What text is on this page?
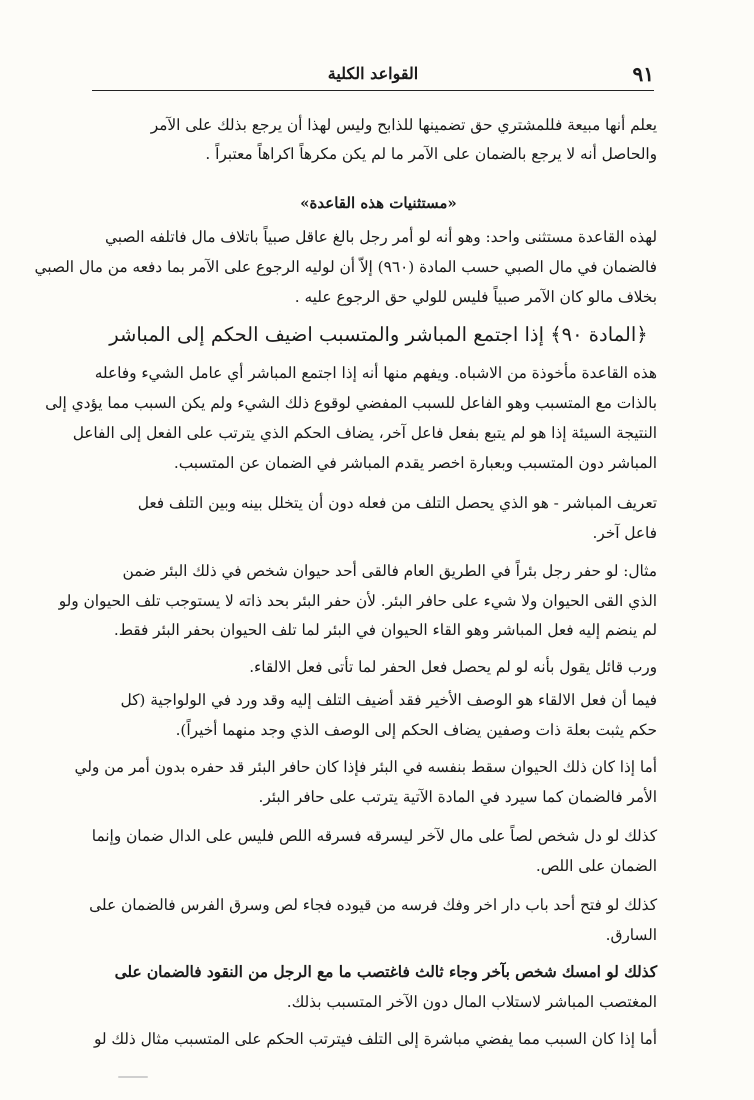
٩١
القواعد الكلية
يعلم أنها مبيعة فللمشتري حق تضمينها للذابح وليس لهذا أن يرجع بذلك على الآمر
والحاصل أنه لا يرجع بالضمان على الآمر ما لم يكن مكرهاً اكراهاً معتبراً .
«مستثنيات هذه القاعدة»
لهذه القاعدة مستثنى واحد: وهو أنه لو أمر رجل بالغ عاقل صبياً باتلاف مال فاتلفه الصبي
فالضمان في مال الصبي حسب المادة (٩٦٠) إلاّ أن لوليه الرجوع على الآمر بما دفعه من مال الصبي
بخلاف مالو كان الآمر صبياً فليس للولي حق الرجوع عليه .
﴿المادة ٩٠﴾ إذا اجتمع المباشر والمتسبب اضيف الحكم إلى المباشر
هذه القاعدة مأخوذة من الاشباه. ويفهم منها أنه إذا اجتمع المباشر أي عامل الشيء وفاعله
بالذات مع المتسبب وهو الفاعل للسبب المفضي لوقوع ذلك الشيء ولم يكن السبب مما يؤدي إلى
النتيجة السيئة إذا هو لم يتبع بفعل فاعل آخر، يضاف الحكم الذي يترتب على الفعل إلى الفاعل
المباشر دون المتسبب وبعبارة اخصر يقدم المباشر في الضمان عن المتسبب.
تعريف المباشر - هو الذي يحصل التلف من فعله دون أن يتخلل بينه وبين التلف فعل
فاعل آخر.
مثال: لو حفر رجل بئراً في الطريق العام فالقى أحد حيوان شخص في ذلك البئر ضمن
الذي القى الحيوان ولا شيء على حافر البئر. لأن حفر البئر بحد ذاته لا يستوجب تلف الحيوان ولو
لم ينضم إليه فعل المباشر وهو القاء الحيوان في البئر لما تلف الحيوان بحفر البئر فقط.
ورب قائل يقول بأنه لو لم يحصل فعل الحفر لما تأتى فعل الالقاء.
فيما أن فعل الالقاء هو الوصف الأخير فقد أضيف التلف إليه وقد ورد في الولواجية (كل
حكم يثبت بعلة ذات وصفين يضاف الحكم إلى الوصف الذي وجد منهما أخيراً).
أما إذا كان ذلك الحيوان سقط بنفسه في البئر فإذا كان حافر البئر قد حفره بدون أمر من ولي
الأمر فالضمان كما سيرد في المادة الآتية يترتب على حافر البئر.
كذلك لو دل شخص لصاً على مال لآخر ليسرقه فسرقه اللص فليس على الدال ضمان وإنما
الضمان على اللص.
كذلك لو فتح أحد باب دار اخر وفك فرسه من قيوده فجاء لص وسرق الفرس فالضمان على
السارق.
كذلك لو امسك شخص بآخر وجاء ثالث فاغتصب ما مع الرجل من النقود فالضمان على
المغتصب المباشر لاستلاب المال دون الآخر المتسبب بذلك.
أما إذا كان السبب مما يفضي مباشرة إلى التلف فيترتب الحكم على المتسبب مثال ذلك لو
